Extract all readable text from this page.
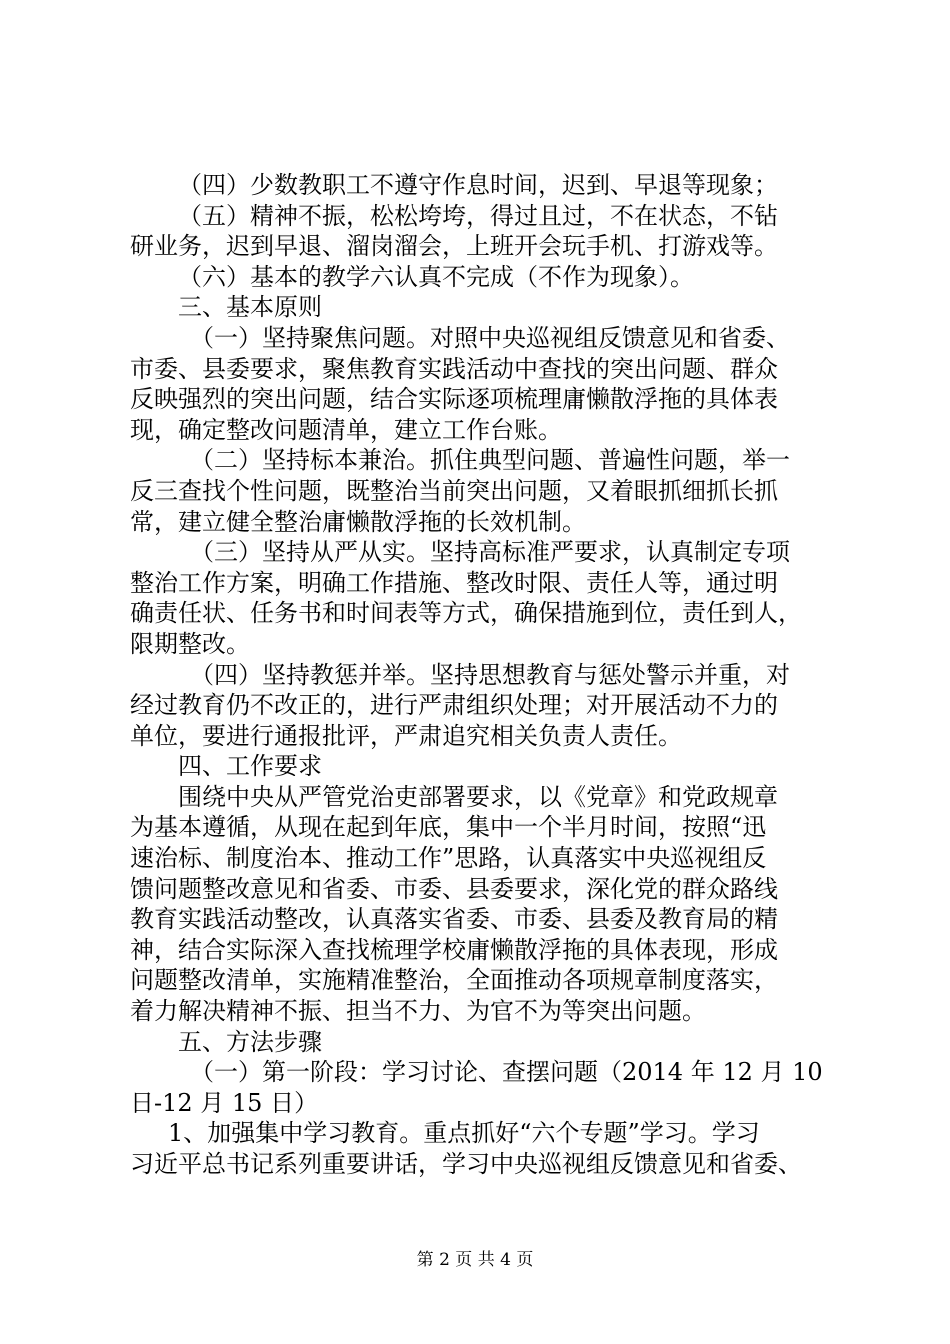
（四）少数教职工不遵守作息时间，迟到、早退等现象；
（五）精神不振，松松垮垮，得过且过，不在状态，不钻
研业务，迟到早退、溜岗溜会，上班开会玩手机、打游戏等。
（六）基本的教学六认真不完成（不作为现象）。
三、基本原则
（一）坚持聚焦问题。对照中央巡视组反馈意见和省委、
市委、县委要求，聚焦教育实践活动中查找的突出问题、群众
反映强烈的突出问题，结合实际逐项梳理庸懒散浮拖的具体表
现，确定整改问题清单，建立工作台账。
（二）坚持标本兼治。抓住典型问题、普遍性问题，举一
反三查找个性问题，既整治当前突出问题，又着眼抓细抓长抓
常，建立健全整治庸懒散浮拖的长效机制。
（三）坚持从严从实。坚持高标准严要求，认真制定专项
整治工作方案，明确工作措施、整改时限、责任人等，通过明
确责任状、任务书和时间表等方式，确保措施到位，责任到人，
限期整改。
（四）坚持教惩并举。坚持思想教育与惩处警示并重，对
经过教育仍不改正的，进行严肃组织处理；对开展活动不力的
单位，要进行通报批评，严肃追究相关负责人责任。
四、工作要求
围绕中央从严管党治吏部署要求，以《党章》和党政规章
为基本遵循，从现在起到年底，集中一个半月时间，按照“迅
速治标、制度治本、推动工作”思路，认真落实中央巡视组反
馈问题整改意见和省委、市委、县委要求，深化党的群众路线
教育实践活动整改，认真落实省委、市委、县委及教育局的精
神，结合实际深入查找梳理学校庸懒散浮拖的具体表现，形成
问题整改清单，实施精准整治，全面推动各项规章制度落实，
着力解决精神不振、担当不力、为官不为等突出问题。
五、方法步骤
（一）第一阶段：学习讨论、查摆问题（2014 年 12 月 10
日-12 月 15 日）
1、加强集中学习教育。重点抓好“六个专题”学习。学习
习近平总书记系列重要讲话，学习中央巡视组反馈意见和省委、
第 2 页 共 4 页
